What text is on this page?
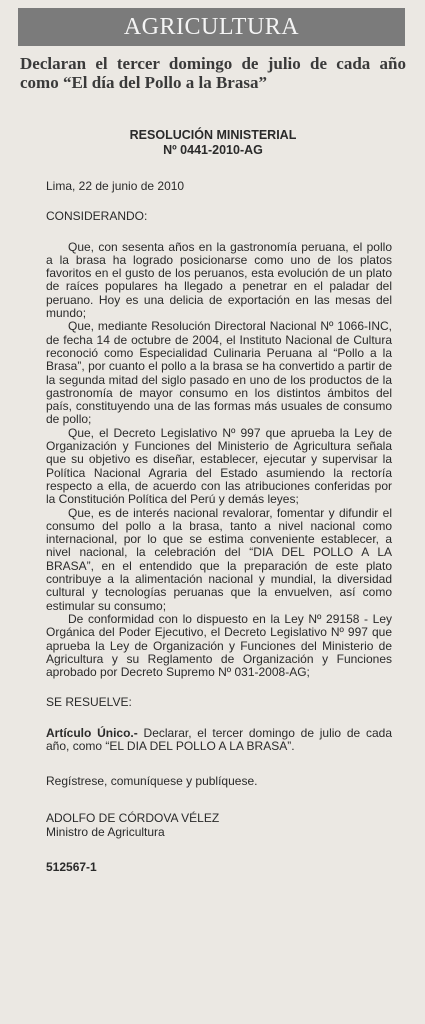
AGRICULTURA
Declaran el tercer domingo de julio de cada año como “El día del Pollo a la Brasa”
RESOLUCIÓN MINISTERIAL
Nº 0441-2010-AG

Lima, 22 de junio de 2010

CONSIDERANDO:

Que, con sesenta años en la gastronomía peruana, el pollo a la brasa ha logrado posicionarse como uno de los platos favoritos en el gusto de los peruanos, esta evolución de un plato de raíces populares ha llegado a penetrar en el paladar del peruano. Hoy es una delicia de exportación en las mesas del mundo;

Que, mediante Resolución Directoral Nacional Nº 1066-INC, de fecha 14 de octubre de 2004, el Instituto Nacional de Cultura reconoció como Especialidad Culinaria Peruana al “Pollo a la Brasa”, por cuanto el pollo a la brasa se ha convertido a partir de la segunda mitad del siglo pasado en uno de los productos de la gastronomía de mayor consumo en los distintos ámbitos del país, constituyendo una de las formas más usuales de consumo de pollo;

Que, el Decreto Legislativo Nº 997 que aprueba la Ley de Organización y Funciones del Ministerio de Agricultura señala que su objetivo es diseñar, establecer, ejecutar y supervisar la Política Nacional Agraria del Estado asumiendo la rectoría respecto a ella, de acuerdo con las atribuciones conferidas por la Constitución Política del Perú y demás leyes;

Que, es de interés nacional revalorar, fomentar y difundir el consumo del pollo a la brasa, tanto a nivel nacional como internacional, por lo que se estima conveniente establecer, a nivel nacional, la celebración del “DIA DEL POLLO A LA BRASA”, en el entendido que la preparación de este plato contribuye a la alimentación nacional y mundial, la diversidad cultural y tecnologías peruanas que la envuelven, así como estimular su consumo;

De conformidad con lo dispuesto en la Ley Nº 29158 - Ley Orgánica del Poder Ejecutivo, el Decreto Legislativo Nº 997 que aprueba la Ley de Organización y Funciones del Ministerio de Agricultura y su Reglamento de Organización y Funciones aprobado por Decreto Supremo Nº 031-2008-AG;

SE RESUELVE:

Artículo Único.- Declarar, el tercer domingo de julio de cada año, como “EL DIA DEL POLLO A LA BRASA”.

Regístrese, comuníquese y publíquese.

ADOLFO DE CÓRDOVA VÉLEZ
Ministro de Agricultura

512567-1
